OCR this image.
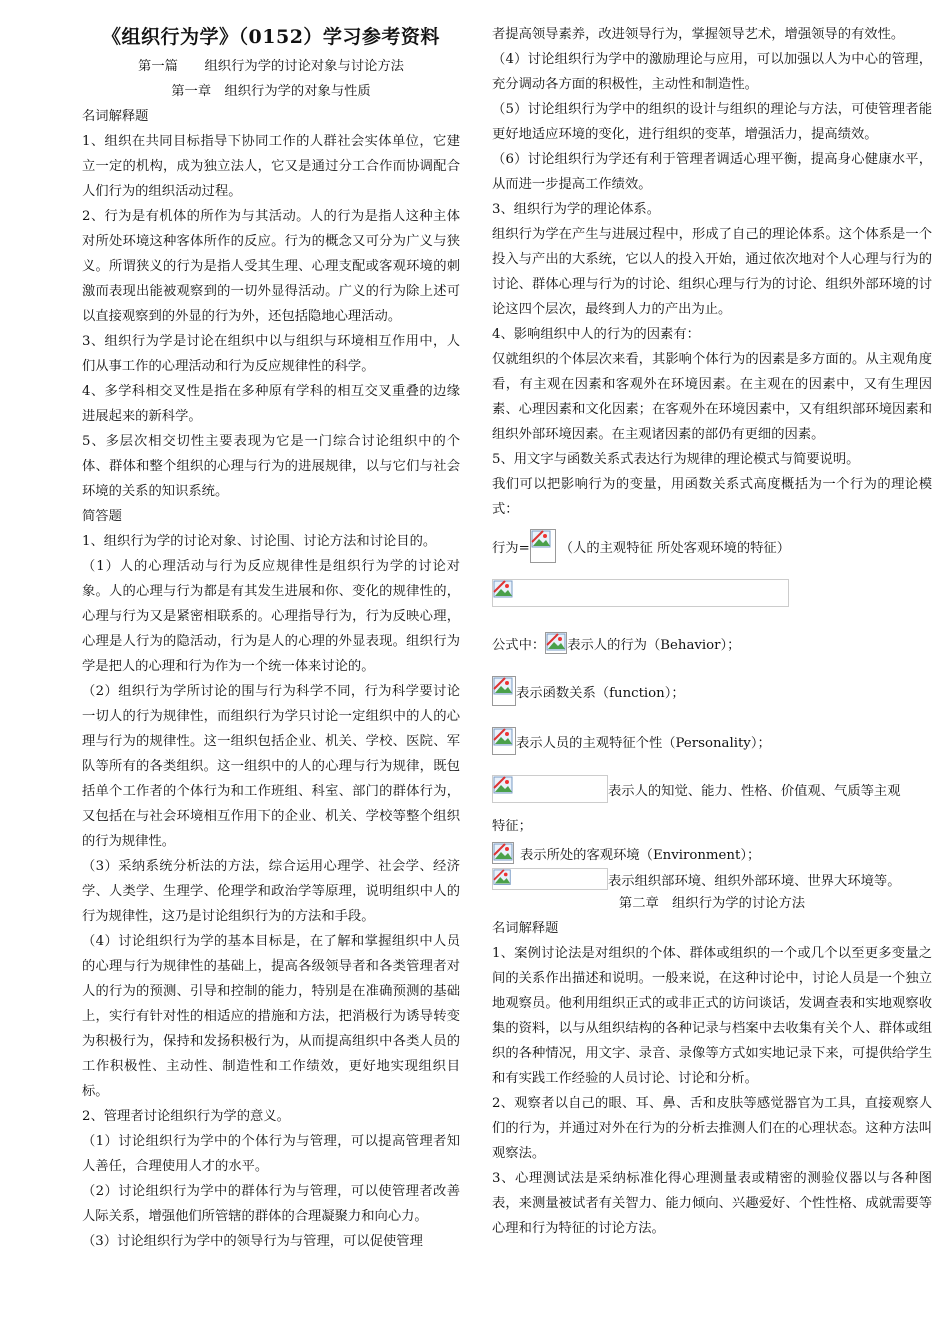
《组织行为学》（0152）学习参考资料

第一篇　　组织行为学的讨论对象与讨论方法

第一章　组织行为学的对象与性质

名词解释题

1、组织在共同目标指导下协同工作的人群社会实体单位，它建立一定的机构，成为独立法人，它又是通过分工合作而协调配合人们行为的组织活动过程。

2、行为是有机体的所作为与其活动。人的行为是指人这种主体对所处环境这种客体所作的反应。行为的概念又可分为广义与狭义。所谓狭义的行为是指人受其生理、心理支配或客观环境的刺激而表现出能被观察到的一切外显得活动。广义的行为除上述可以直接观察到的外显的行为外，还包括隐地心理活动。

3、组织行为学是讨论在组织中以与组织与环境相互作用中，人们从事工作的心理活动和行为反应规律性的科学。

4、多学科相交叉性是指在多种原有学科的相互交叉重叠的边缘进展起来的新科学。

5、多层次相交切性主要表现为它是一门综合讨论组织中的个体、群体和整个组织的心理与行为的进展规律，以与它们与社会环境的关系的知识系统。

简答题

1、组织行为学的讨论对象、讨论围、讨论方法和讨论目的。

（1）人的心理活动与行为反应规律性是组织行为学的讨论对象。人的心理与行为都是有其发生进展和你、变化的规律性的，心理与行为又是紧密相联系的。心理指导行为，行为反映心理，心理是人行为的隐活动，行为是人的心理的外显表现。组织行为学是把人的心理和行为作为一个统一体来讨论的。

（2）组织行为学所讨论的围与行为科学不同，行为科学要讨论一切人的行为规律性，而组织行为学只讨论一定组织中的人的心理与行为的规律性。这一组织包括企业、机关、学校、医院、军队等所有的各类组织。这一组织中的人的心理与行为规律，既包括单个工作者的个体行为和工作班组、科室、部门的群体行为，又包括在与社会环境相互作用下的企业、机关、学校等整个组织的行为规律性。

（3）采纳系统分析法的方法，综合运用心理学、社会学、经济学、人类学、生理学、伦理学和政治学等原理，说明组织中人的行为规律性，这乃是讨论组织行为的方法和手段。

（4）讨论组织行为学的基本目标是，在了解和掌握组织中人员的心理与行为规律性的基础上，提高各级领导者和各类管理者对人的行为的预测、引导和控制的能力，特别是在准确预测的基础上，实行有针对性的相适应的措施和方法，把消极行为诱导转变为积极行为，保持和发扬积极行为，从而提高组织中各类人员的工作积极性、主动性、制造性和工作绩效，更好地实现组织目标。

2、管理者讨论组织行为学的意义。

（1）讨论组织行为学中的个体行为与管理，可以提高管理者知人善任，合理使用人才的水平。

（2）讨论组织行为学中的群体行为与管理，可以使管理者改善人际关系，增强他们所管辖的群体的合理凝聚力和向心力。

（3）讨论组织行为学中的领导行为与管理，可以促使管理

者提高领导素养，改进领导行为，掌握领导艺术，增强领导的有效性。

（4）讨论组织行为学中的激励理论与应用，可以加强以人为中心的管理，充分调动各方面的积极性，主动性和制造性。

（5）讨论组织行为学中的组织的设计与组织的理论与方法，可使管理者能更好地适应环境的变化，进行组织的变革，增强活力，提高绩效。

（6）讨论组织行为学还有利于管理者调适心理平衡，提高身心健康水平，从而进一步提高工作绩效。

3、组织行为学的理论体系。

组织行为学在产生与进展过程中，形成了自己的理论体系。这个体系是一个投入与产出的大系统，它以人的投入开始，通过依次地对个人心理与行为的讨论、群体心理与行为的讨论、组织心理与行为的讨论、组织外部环境的讨论这四个层次，最终到人力的产出为止。

4、影响组织中人的行为的因素有：

仅就组织的个体层次来看，其影响个体行为的因素是多方面的。从主观角度看，有主观在因素和客观外在环境因素。在主观在的因素中，又有生理因素、心理因素和文化因素；在客观外在环境因素中，又有组织部环境因素和组织外部环境因素。在主观诸因素的部仍有更细的因素。

5、用文字与函数关系式表达行为规律的理论模式与简要说明。

我们可以把影响行为的变量，用函数关系式高度概括为一个行为的理论模式：

行为= （人的主观特征 所处客观环境的特征）
公式中： 表示人的行为（Behavior）；
表示函数关系（function）；
表示人员的主观特征个性（Personality）；
表示人的知觉、能力、性格、价值观、气质等主观

特征；

表示所处的客观环境（Environment）；
表示组织部环境、组织外部环境、世界大环境等。

第二章　组织行为学的讨论方法

名词解释题

1、案例讨论法是对组织的个体、群体或组织的一个或几个以至更多变量之间的关系作出描述和说明。一般来说，在这种讨论中，讨论人员是一个独立地观察员。他利用组织正式的或非正式的访问谈话，发调查表和实地观察收集的资料，以与从组织结构的各种记录与档案中去收集有关个人、群体或组织的各种情况，用文字、录音、录像等方式如实地记录下来，可提供给学生和有实践工作经验的人员讨论、讨论和分析。

2、观察者以自己的眼、耳、鼻、舌和皮肤等感觉器官为工具，直接观察人们的行为，并通过对外在行为的分析去推测人们在的心理状态。这种方法叫观察法。

3、心理测试法是采纳标准化得心理测量表或精密的测验仪器以与各种图表，来测量被试者有关智力、能力倾向、兴趣爱好、个性性格、成就需要等心理和行为特征的讨论方法。
